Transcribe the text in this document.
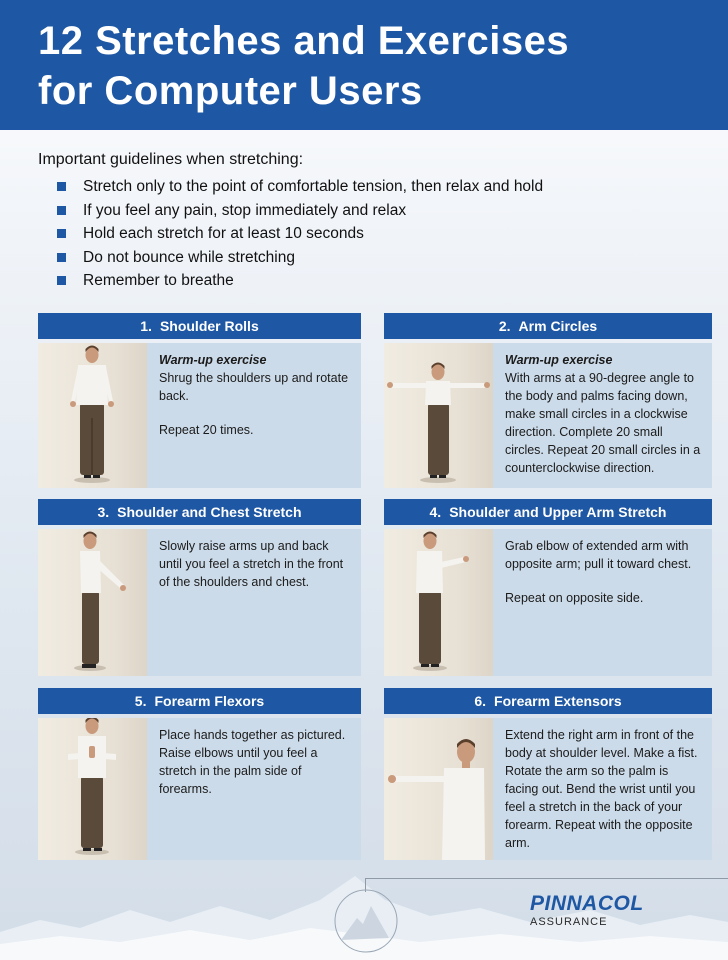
12 Stretches and Exercises
for Computer Users

Important guidelines when stretching:

Stretch only to the point of comfortable tension, then relax and hold
If you feel any pain, stop immediately and relax
Hold each stretch for at least 10 seconds
Do not bounce while stretching
Remember to breathe
1. Shoulder Rolls
Warm-up exercise

Shrug the shoulders up and rotate back.

Repeat 20 times.

2. Arm Circles
Warm-up exercise

With arms at a 90-degree angle to the body and palms facing down, make small circles in a clockwise direction. Complete 20 small circles. Repeat 20 small circles in a counterclockwise direction.

3. Shoulder and Chest Stretch

Slowly raise arms up and back until you feel a stretch in the front of the shoulders and chest.

4. Shoulder and Upper Arm Stretch

Grab elbow of extended arm with opposite arm; pull it toward chest.

Repeat on opposite side.

5. Forearm Flexors

Place hands together as pictured. Raise elbows until you feel a stretch in the palm side of forearms.

6. Forearm Extensors

Extend the right arm in front of the body at shoulder level. Make a fist. Rotate the arm so the palm is facing out. Bend the wrist until you feel a stretch in the back of your forearm. Repeat with the opposite arm.

PINNACOL
ASSURANCE
